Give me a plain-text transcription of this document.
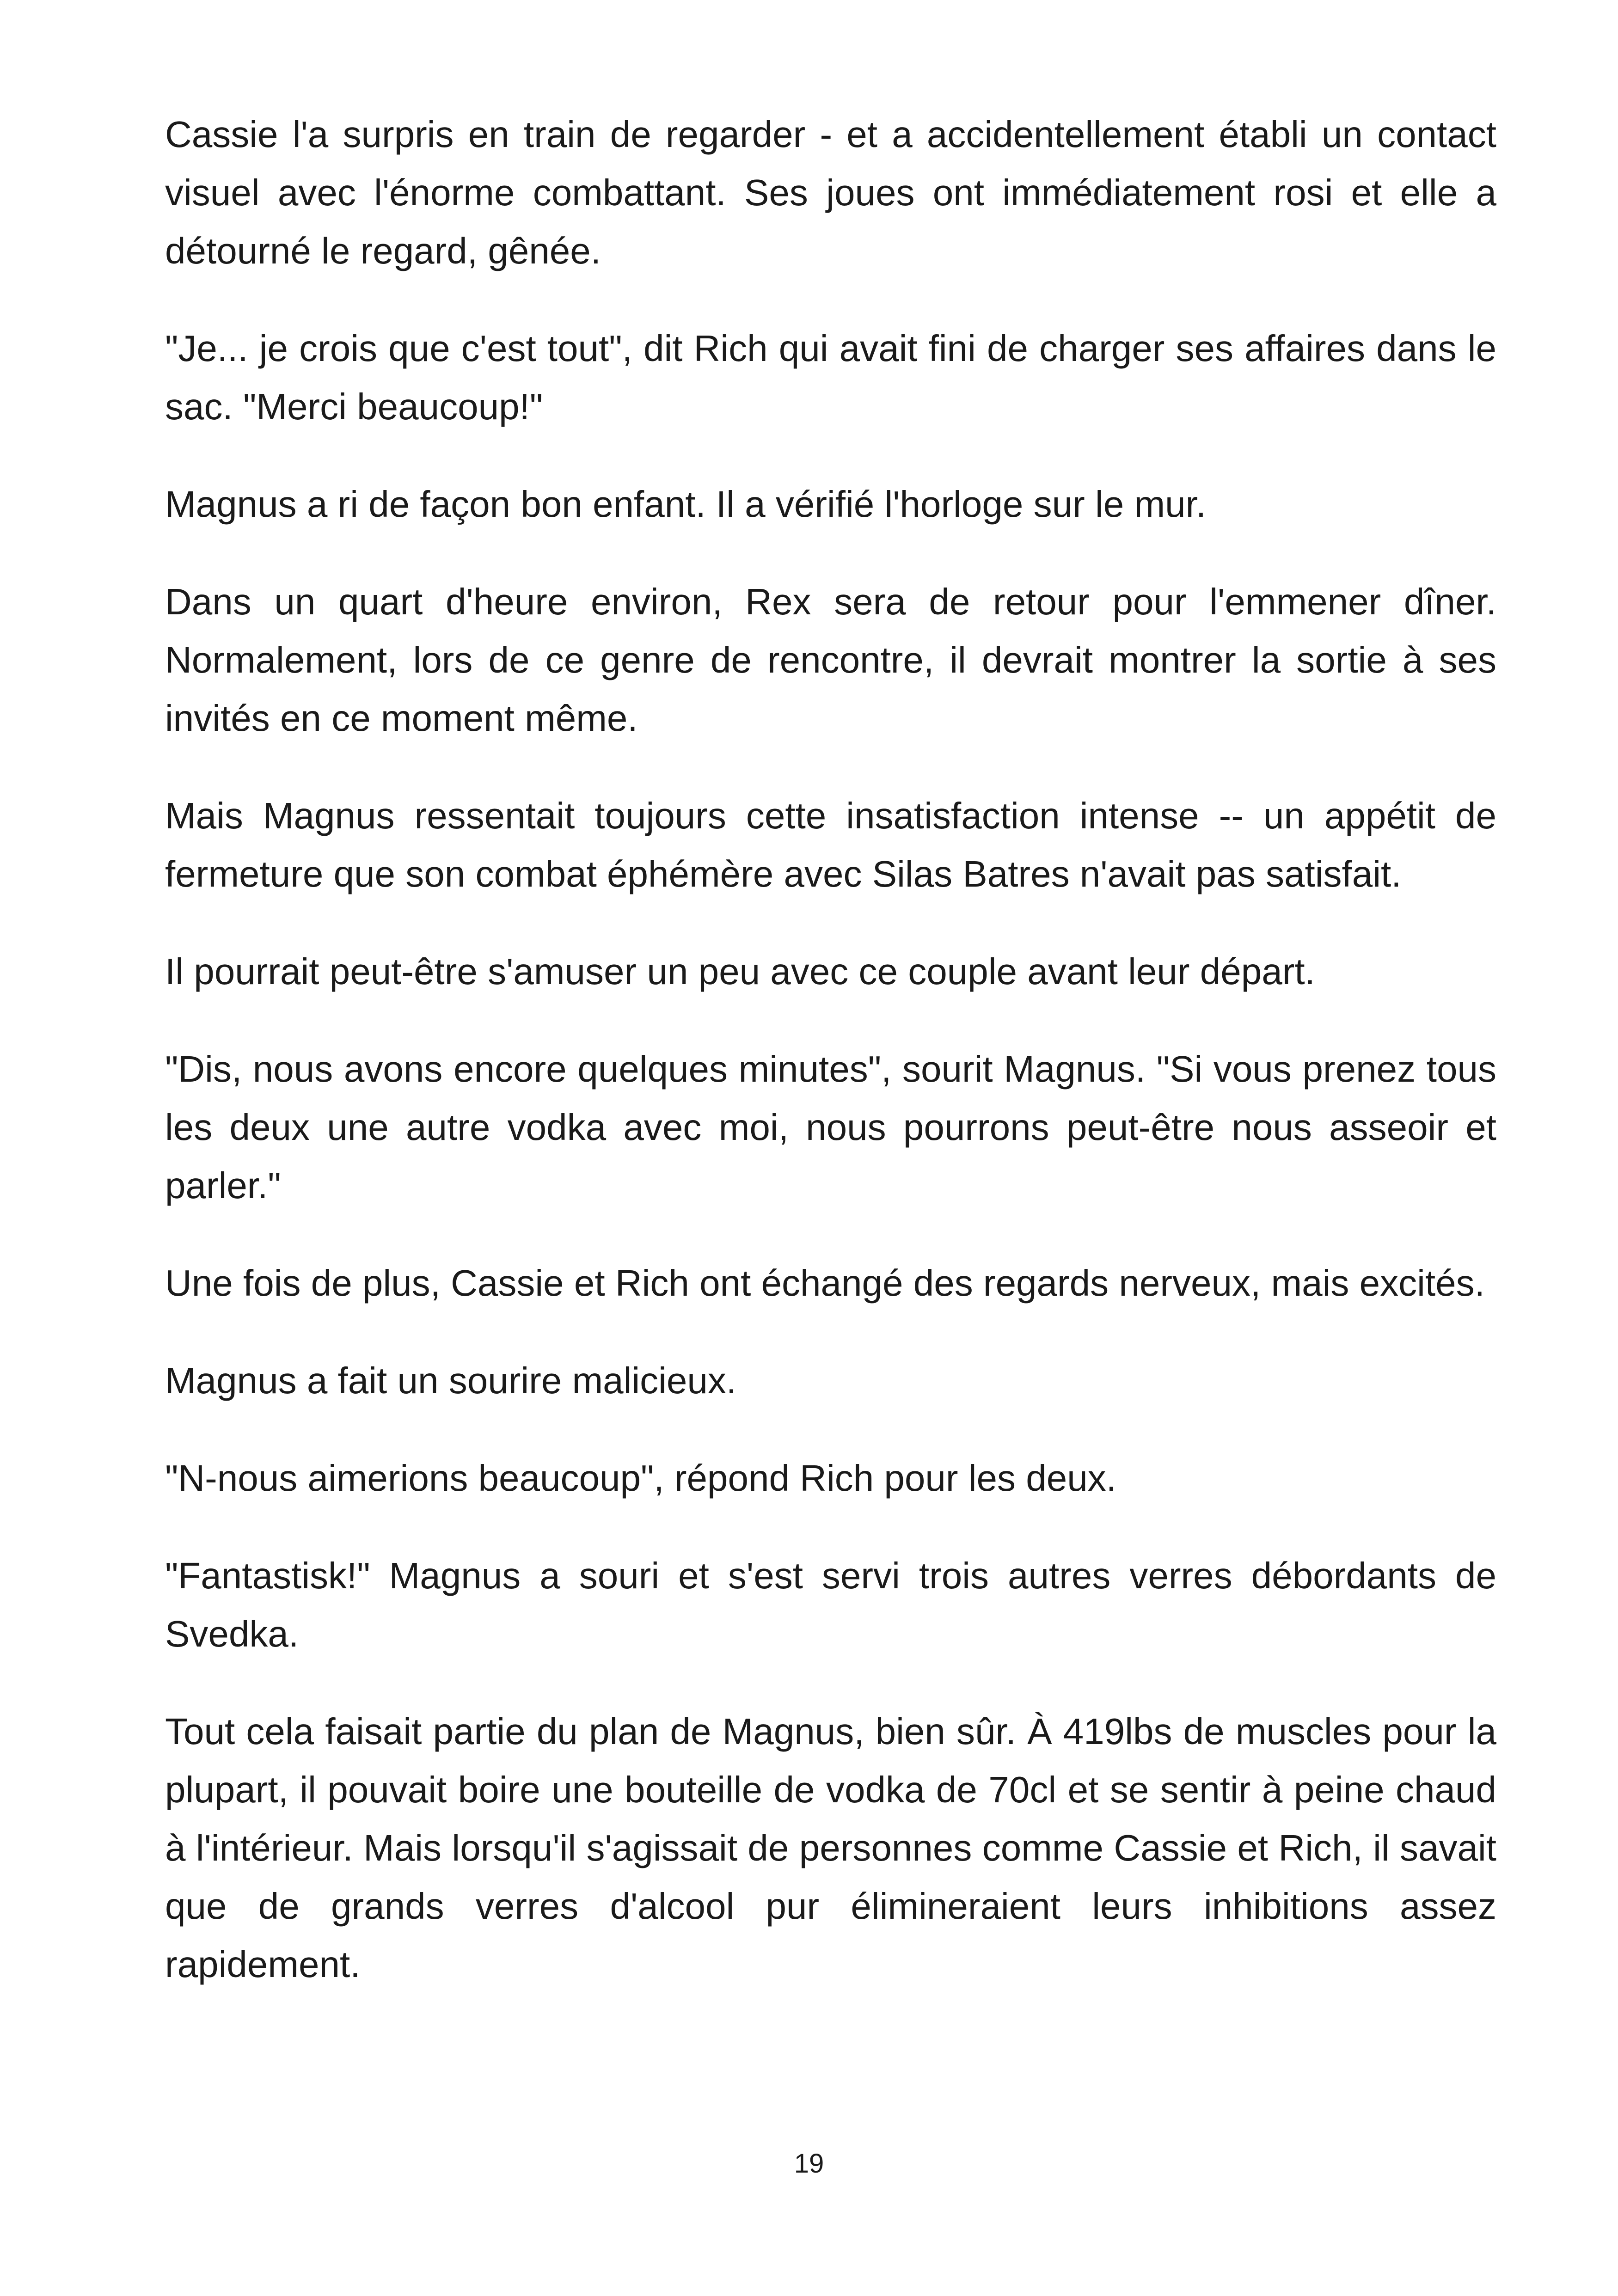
Cassie l'a surpris en train de regarder - et a accidentellement établi un contact visuel avec l'énorme combattant. Ses joues ont immédiatement rosi et elle a détourné le regard, gênée.

"Je... je crois que c'est tout", dit Rich qui avait fini de charger ses affaires dans le sac. "Merci beaucoup!"

Magnus a ri de façon bon enfant. Il a vérifié l'horloge sur le mur.

Dans un quart d'heure environ, Rex sera de retour pour l'emmener dîner. Normalement, lors de ce genre de rencontre, il devrait montrer la sortie à ses invités en ce moment même.

Mais Magnus ressentait toujours cette insatisfaction intense -- un appétit de fermeture que son combat éphémère avec Silas Batres n'avait pas satisfait.

Il pourrait peut-être s'amuser un peu avec ce couple avant leur départ.

"Dis, nous avons encore quelques minutes", sourit Magnus. "Si vous prenez tous les deux une autre vodka avec moi, nous pourrons peut-être nous asseoir et parler."

Une fois de plus, Cassie et Rich ont échangé des regards nerveux, mais excités.

Magnus a fait un sourire malicieux.

"N-nous aimerions beaucoup", répond Rich pour les deux.

"Fantastisk!" Magnus a souri et s'est servi trois autres verres débordants de Svedka.

Tout cela faisait partie du plan de Magnus, bien sûr. À 419lbs de muscles pour la plupart, il pouvait boire une bouteille de vodka de 70cl et se sentir à peine chaud à l'intérieur. Mais lorsqu'il s'agissait de personnes comme Cassie et Rich, il savait que de grands verres d'alcool pur élimineraient leurs inhibitions assez rapidement.

19
